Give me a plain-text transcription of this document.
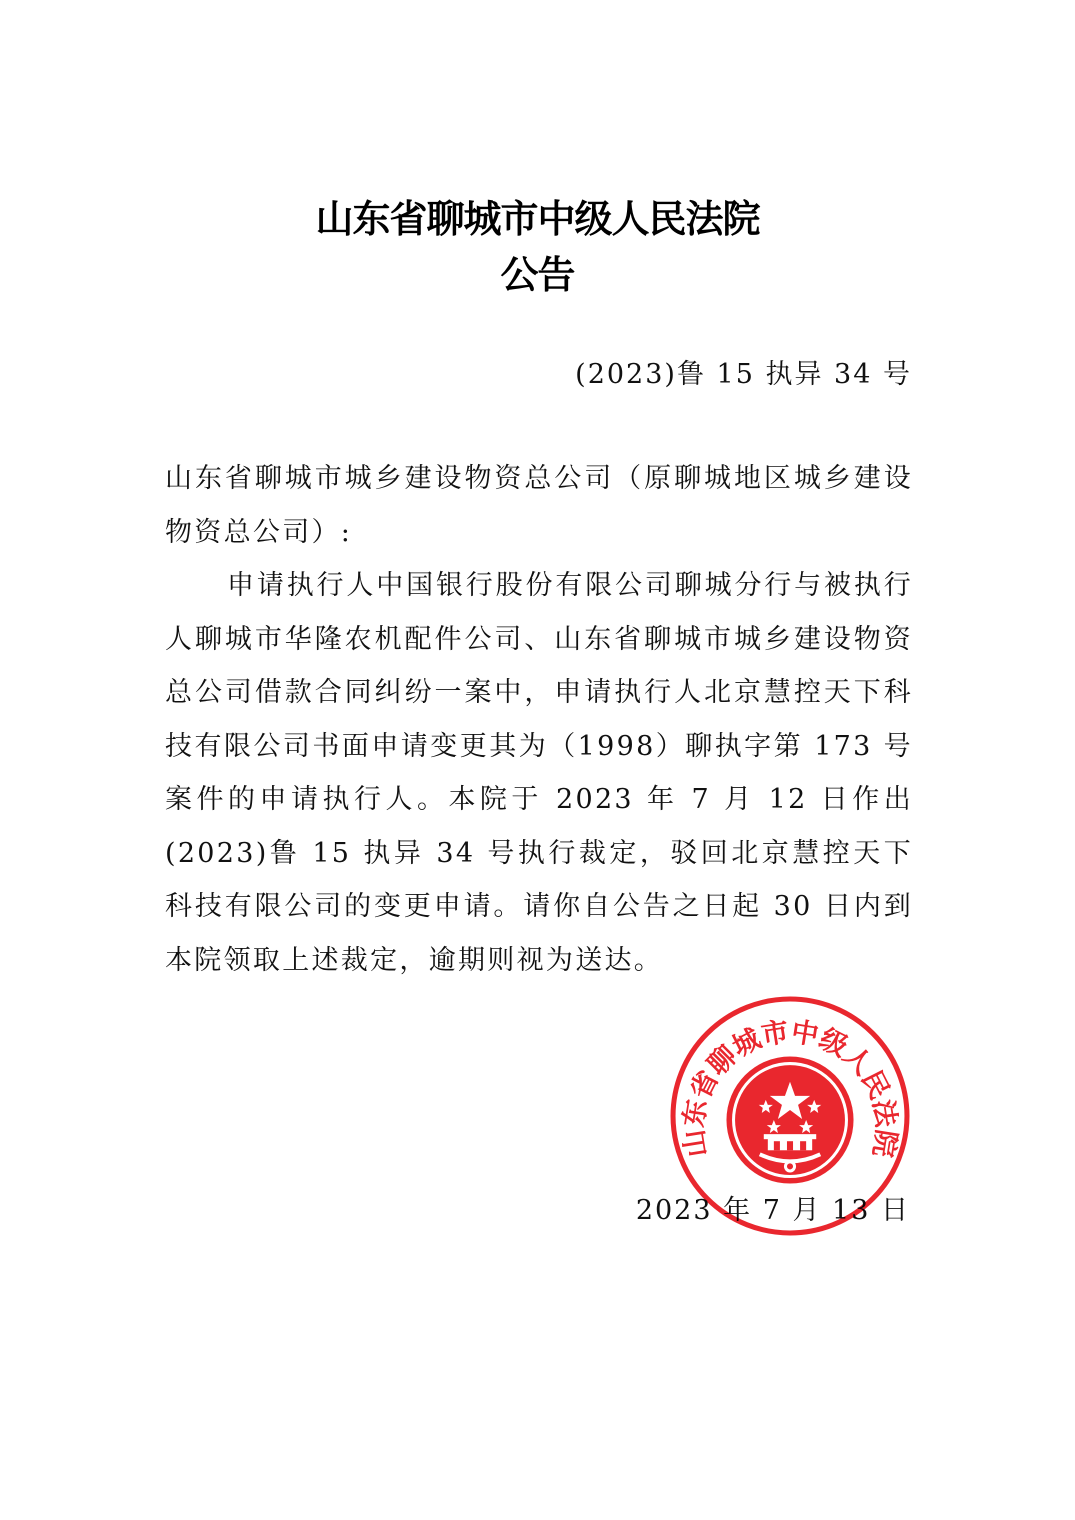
山东省聊城市中级人民法院
公告
(2023)鲁 15 执异 34 号
山东省聊城市城乡建设物资总公司（原聊城地区城乡建设物资总公司）:
申请执行人中国银行股份有限公司聊城分行与被执行人聊城市华隆农机配件公司、山东省聊城市城乡建设物资总公司借款合同纠纷一案中，申请执行人北京慧控天下科技有限公司书面申请变更其为（1998）聊执字第 173 号案件的申请执行人。本院于 2023 年 7 月 12 日作出(2023)鲁 15 执异 34 号执行裁定，驳回北京慧控天下科技有限公司的变更申请。请你自公告之日起 30 日内到本院领取上述裁定，逾期则视为送达。
2023 年 7 月 13 日
山东省聊城市中级人民法院
